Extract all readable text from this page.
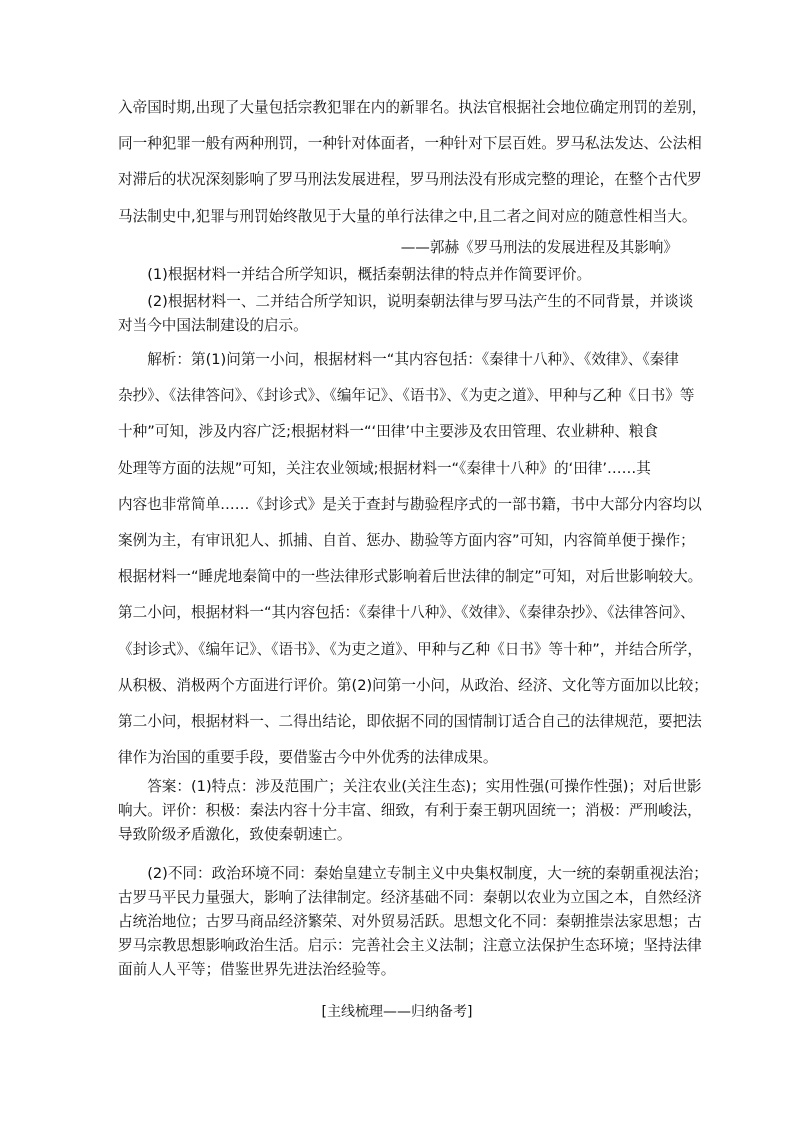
入帝国时期,出现了大量包括宗教犯罪在内的新罪名。执法官根据社会地位确定刑罚的差别，
同一种犯罪一般有两种刑罚，一种针对体面者，一种针对下层百姓。罗马私法发达、公法相
对滞后的状况深刻影响了罗马刑法发展进程，罗马刑法没有形成完整的理论，在整个古代罗
马法制史中,犯罪与刑罚始终散见于大量的单行法律之中,且二者之间对应的随意性相当大。
——郭赫《罗马刑法的发展进程及其影响》
　　(1)根据材料一并结合所学知识，概括秦朝法律的特点并作简要评价。
　　(2)根据材料一、二并结合所学知识，说明秦朝法律与罗马法产生的不同背景，并谈谈
对当今中国法制建设的启示。
　　解析：第(1)问第一小问，根据材料一“其内容包括：《秦律十八种》、《效律》、《秦律
杂抄》、《法律答问》、《封诊式》、《编年记》、《语书》、《为吏之道》、甲种与乙种《日书》等
十种”可知，涉及内容广泛;根据材料一“‘田律’中主要涉及农田管理、农业耕种、粮食
处理等方面的法规”可知，关注农业领域;根据材料一“《秦律十八种》的‘田律’……其
内容也非常简单……《封诊式》是关于查封与勘验程序式的一部书籍，书中大部分内容均以
案例为主，有审讯犯人、抓捕、自首、惩办、勘验等方面内容”可知，内容简单便于操作；
根据材料一“睡虎地秦简中的一些法律形式影响着后世法律的制定”可知，对后世影响较大。
第二小问，根据材料一“其内容包括：《秦律十八种》、《效律》、《秦律杂抄》、《法律答问》、
《封诊式》、《编年记》、《语书》、《为吏之道》、甲种与乙种《日书》等十种”，并结合所学，
从积极、消极两个方面进行评价。第(2)问第一小问，从政治、经济、文化等方面加以比较；
第二小问，根据材料一、二得出结论，即依据不同的国情制订适合自己的法律规范，要把法
律作为治国的重要手段，要借鉴古今中外优秀的法律成果。
　　答案：(1)特点：涉及范围广；关注农业(关注生态)；实用性强(可操作性强)；对后世影
响大。评价：积极：秦法内容十分丰富、细致，有利于秦王朝巩固统一；消极：严刑峻法，
导致阶级矛盾激化，致使秦朝速亡。
　　(2)不同：政治环境不同：秦始皇建立专制主义中央集权制度，大一统的秦朝重视法治；
古罗马平民力量强大，影响了法律制定。经济基础不同：秦朝以农业为立国之本，自然经济
占统治地位；古罗马商品经济繁荣、对外贸易活跃。思想文化不同：秦朝推崇法家思想；古
罗马宗教思想影响政治生活。启示：完善社会主义法制；注意立法保护生态环境；坚持法律
面前人人平等；借鉴世界先进法治经验等。
[主线梳理——归纳备考]
